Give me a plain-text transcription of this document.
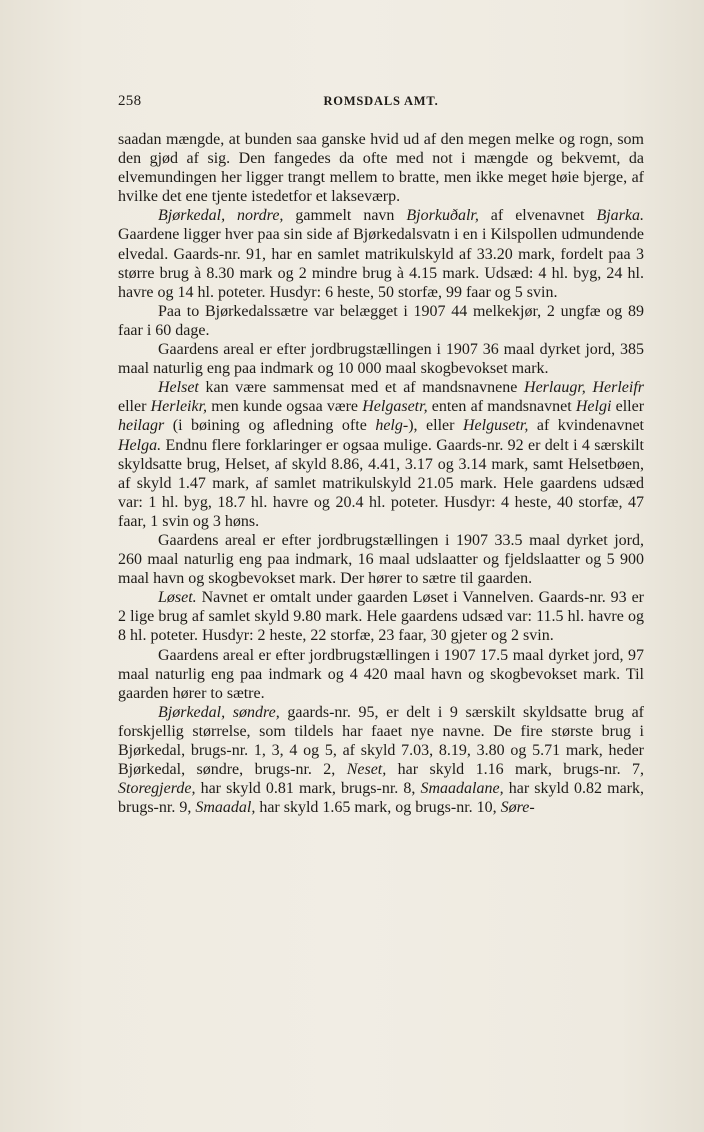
258	ROMSDALS AMT.

saadan mængde, at bunden saa ganske hvid ud af den megen melke og rogn, som den gjød af sig. Den fangedes da ofte med not i mængde og bekvemt, da elvemundingen her ligger trangt mellem to bratte, men ikke meget høie bjerge, af hvilke det ene tjente istedetfor et lakseværp.

Bjørkedal, nordre, gammelt navn Bjorkuðalr, af elvenavnet Bjarka. Gaardene ligger hver paa sin side af Bjørkedalsvatn i en i Kilspollen udmundende elvedal. Gaards-nr. 91, har en samlet matrikulskyld af 33.20 mark, fordelt paa 3 større brug à 8.30 mark og 2 mindre brug à 4.15 mark. Udsæd: 4 hl. byg, 24 hl. havre og 14 hl. poteter. Husdyr: 6 heste, 50 storfæ, 99 faar og 5 svin.

Paa to Bjørkedalssætre var belægget i 1907 44 melkekjør, 2 ungfæ og 89 faar i 60 dage.

Gaardens areal er efter jordbrugstællingen i 1907 36 maal dyrket jord, 385 maal naturlig eng paa indmark og 10 000 maal skogbevokset mark.

Helset kan være sammensat med et af mandsnavnene Herlaugr, Herleifr eller Herleikr, men kunde ogsaa være Helgasetr, enten af mandsnavnet Helgi eller heilagr (i bøining og afledning ofte helg-), eller Helgusetr, af kvindenavnet Helga. Endnu flere forklaringer er ogsaa mulige. Gaards-nr. 92 er delt i 4 særskilt skyldsatte brug, Helset, af skyld 8.86, 4.41, 3.17 og 3.14 mark, samt Helsetbøen, af skyld 1.47 mark, af samlet matrikulskyld 21.05 mark. Hele gaardens udsæd var: 1 hl. byg, 18.7 hl. havre og 20.4 hl. poteter. Husdyr: 4 heste, 40 storfæ, 47 faar, 1 svin og 3 høns.

Gaardens areal er efter jordbrugstællingen i 1907 33.5 maal dyrket jord, 260 maal naturlig eng paa indmark, 16 maal udslaatter og fjeldslaatter og 5 900 maal havn og skogbevokset mark. Der hører to sætre til gaarden.

Løset. Navnet er omtalt under gaarden Løset i Vannelven. Gaards-nr. 93 er 2 lige brug af samlet skyld 9.80 mark. Hele gaardens udsæd var: 11.5 hl. havre og 8 hl. poteter. Husdyr: 2 heste, 22 storfæ, 23 faar, 30 gjeter og 2 svin.

Gaardens areal er efter jordbrugstællingen i 1907 17.5 maal dyrket jord, 97 maal naturlig eng paa indmark og 4 420 maal havn og skogbevokset mark. Til gaarden hører to sætre.

Bjørkedal, søndre, gaards-nr. 95, er delt i 9 særskilt skyldsatte brug af forskjellig størrelse, som tildels har faaet nye navne. De fire største brug i Bjørkedal, brugs-nr. 1, 3, 4 og 5, af skyld 7.03, 8.19, 3.80 og 5.71 mark, heder Bjørkedal, søndre, brugs-nr. 2, Neset, har skyld 1.16 mark, brugs-nr. 7, Storegjerde, har skyld 0.81 mark, brugs-nr. 8, Smaadalane, har skyld 0.82 mark, brugs-nr. 9, Smaadal, har skyld 1.65 mark, og brugs-nr. 10, Søre-
